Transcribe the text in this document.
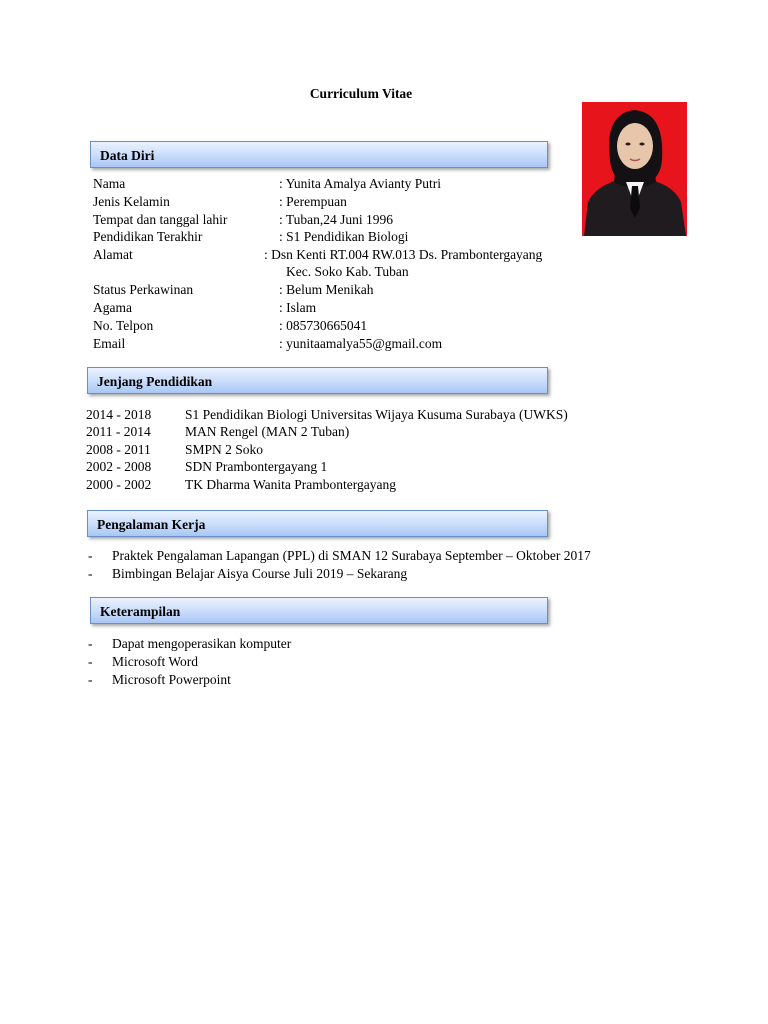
Curriculum Vitae
Data Diri
Nama	: Yunita Amalya Avianty Putri
Jenis Kelamin	: Perempuan
Tempat dan tanggal lahir	: Tuban,24 Juni 1996
Pendidikan Terakhir	: S1 Pendidikan Biologi
Alamat	: Dsn Kenti RT.004 RW.013 Ds. Prambontergayang
Kec. Soko Kab. Tuban
Status Perkawinan	: Belum Menikah
Agama	: Islam
No. Telpon	: 085730665041
Email	: yunitaamalya55@gmail.com
Jenjang Pendidikan
2014 - 2018	S1 Pendidikan Biologi Universitas Wijaya Kusuma Surabaya (UWKS)
2011 - 2014	MAN Rengel (MAN 2 Tuban)
2008 - 2011	SMPN 2 Soko
2002 - 2008	SDN Prambontergayang 1
2000 - 2002	TK Dharma Wanita Prambontergayang
Pengalaman Kerja
- Praktek Pengalaman Lapangan (PPL) di SMAN 12 Surabaya September – Oktober 2017
- Bimbingan Belajar Aisya Course Juli 2019 – Sekarang
Keterampilan
- Dapat mengoperasikan komputer
- Microsoft Word
- Microsoft Powerpoint
